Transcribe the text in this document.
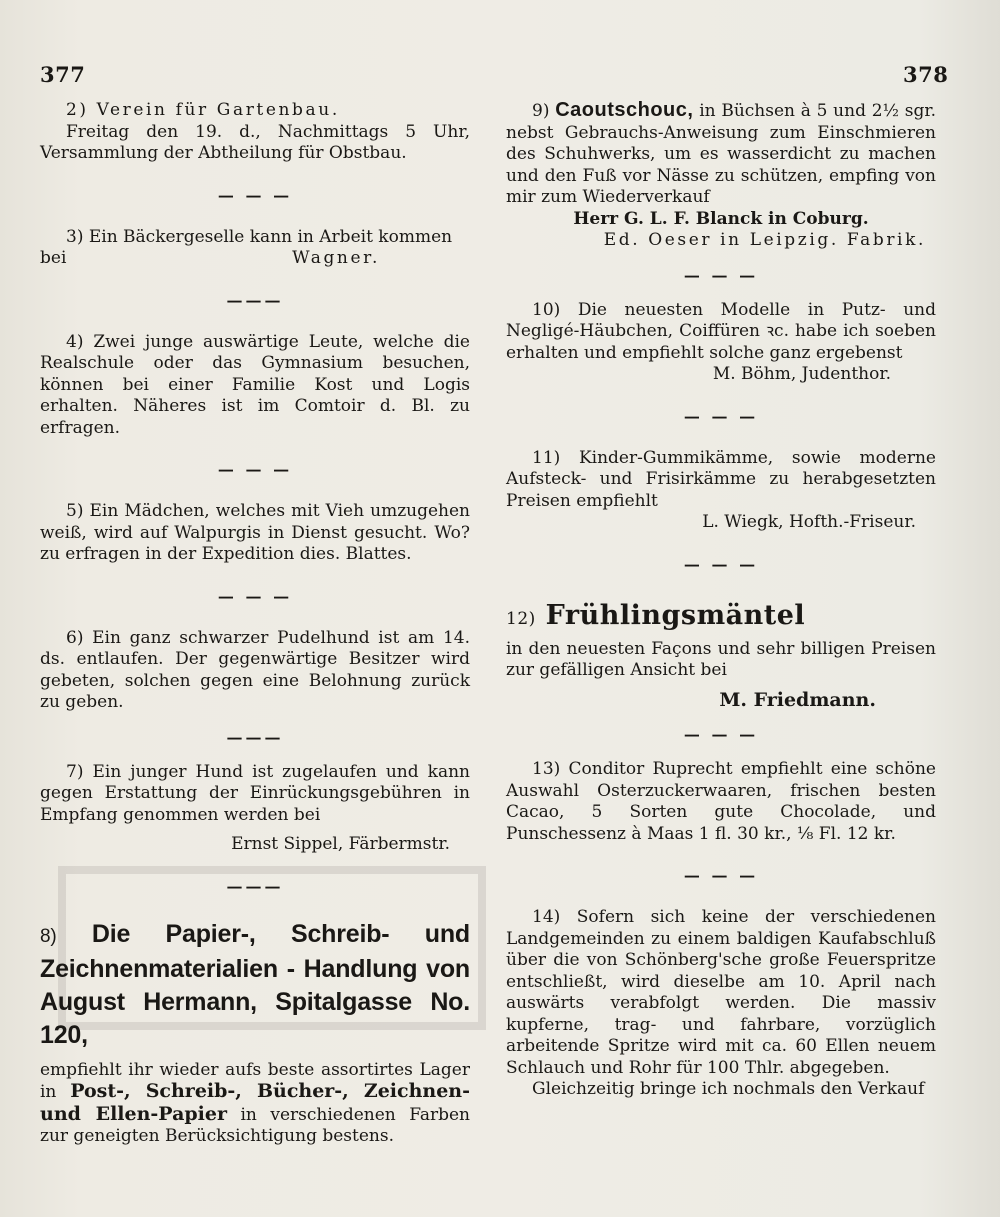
377	378

2) Verein für Gartenbau.

Freitag den 19. d., Nachmittags 5 Uhr, Versammlung der Abtheilung für Obstbau.

— — —

3) Ein Bäckergeselle kann in Arbeit kommen

bei	Wagner.

———

4) Zwei junge auswärtige Leute, welche die Realschule oder das Gymnasium besuchen, können bei einer Familie Kost und Logis erhalten. Näheres ist im Comtoir d. Bl. zu erfragen.

— — —

5) Ein Mädchen, welches mit Vieh umzugehen weiß, wird auf Walpurgis in Dienst gesucht. Wo? zu erfragen in der Expedition dies. Blattes.

— — —

6) Ein ganz schwarzer Pudelhund ist am 14. ds. entlaufen. Der gegenwärtige Besitzer wird gebeten, solchen gegen eine Belohnung zurück zu geben.

———

7) Ein junger Hund ist zugelaufen und kann gegen Erstattung der Einrückungsgebühren in Empfang genommen werden bei

Ernst Sippel, Färbermstr.

———

8) Die Papier-, Schreib- und Zeichnenmaterialien - Handlung von August Hermann, Spitalgasse No. 120,

empfiehlt ihr wieder aufs beste assortirtes Lager in Post-, Schreib-, Bücher-, Zeichnen- und Ellen-Papier in verschiedenen Farben zur geneigten Berücksichtigung bestens.

9) Caoutschouc, in Büchsen à 5 und 2½ sgr. nebst Gebrauchs-Anweisung zum Einschmieren des Schuhwerks, um es wasserdicht zu machen und den Fuß vor Nässe zu schützen, empfing von mir zum Wiederverkauf

Herr G. L. F. Blanck in Coburg.

Ed. Oeser in Leipzig. Fabrik.

— — —

10) Die neuesten Modelle in Putz- und Negligé-Häubchen, Coiffüren ꝛc. habe ich soeben erhalten und empfiehlt solche ganz ergebenst

M. Böhm, Judenthor.

— — —

11) Kinder-Gummikämme, sowie moderne Aufsteck- und Frisirkämme zu herabgesetzten Preisen empfiehlt

L. Wiegk, Hofth.-Friseur.

— — —

12) Frühlingsmäntel

in den neuesten Façons und sehr billigen Preisen zur gefälligen Ansicht bei

M. Friedmann.

— — —

13) Conditor Ruprecht empfiehlt eine schöne Auswahl Osterzuckerwaaren, frischen besten Cacao, 5 Sorten gute Chocolade, und Punschessenz à Maas 1 fl. 30 kr., ⅛ Fl. 12 kr.

— — —

14) Sofern sich keine der verschiedenen Landgemeinden zu einem baldigen Kaufabschluß über die von Schönberg'sche große Feuerspritze entschließt, wird dieselbe am 10. April nach auswärts verabfolgt werden. Die massiv kupferne, trag- und fahrbare, vorzüglich arbeitende Spritze wird mit ca. 60 Ellen neuem Schlauch und Rohr für 100 Thlr. abgegeben.

Gleichzeitig bringe ich nochmals den Verkauf
